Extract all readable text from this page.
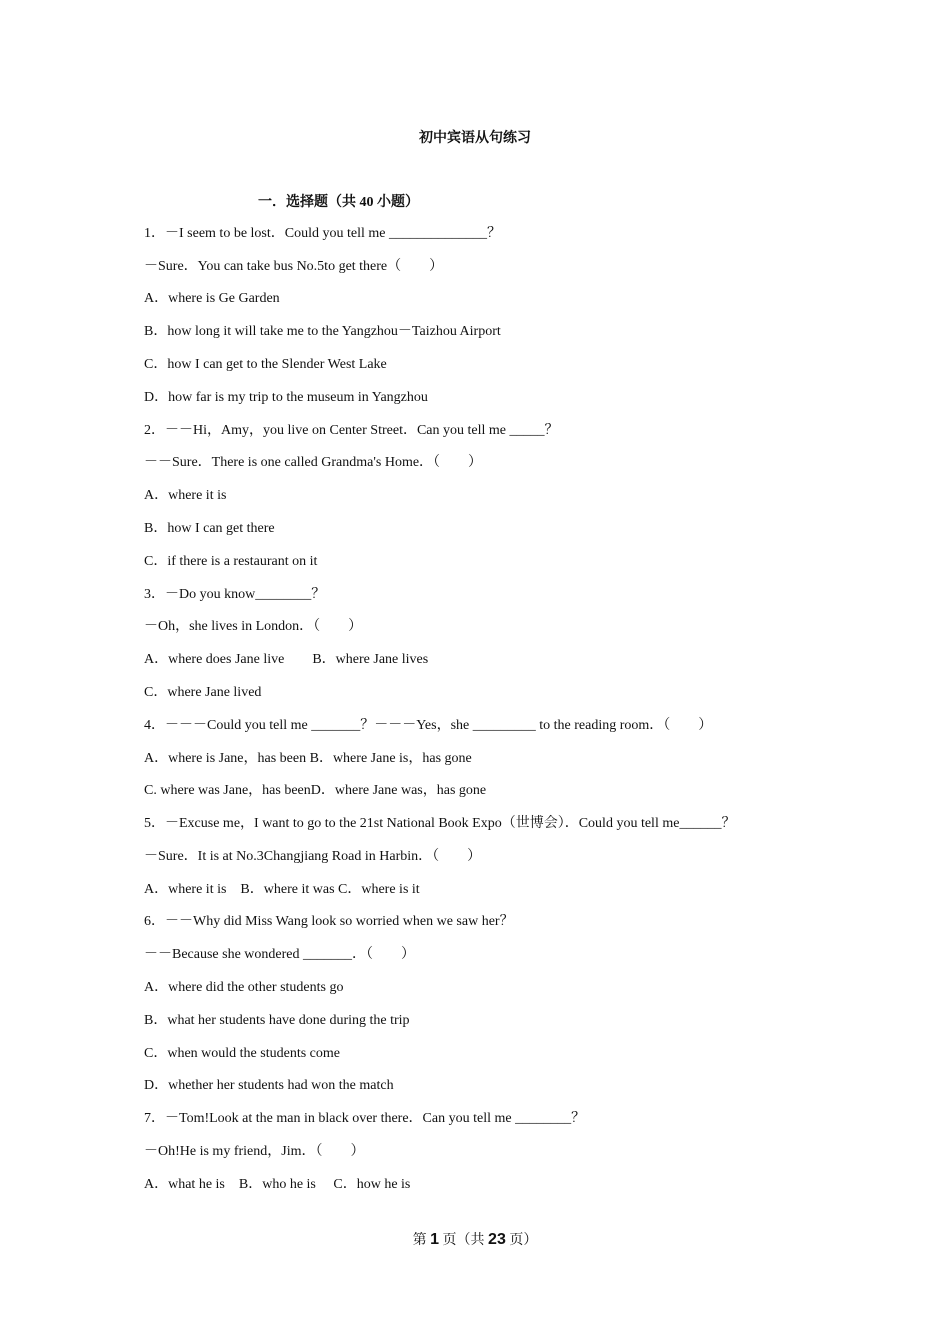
初中宾语从句练习
一．选择题（共 40 小题）
1．－I seem to be lost．Could you tell me ______________？
－Sure．You can take bus No.5to get there（　　）
A．where is Ge Garden
B．how long it will take me to the Yangzhou－Taizhou Airport
C．how I can get to the Slender West Lake
D．how far is my trip to the museum in Yangzhou
2．－－Hi，Amy，you live on Center Street．Can you tell me _____？
－－Sure．There is one called Grandma's Home．（　　）
A．where it is
B．how I can get there
C．if there is a restaurant on it
3．－Do you know________？
－Oh，she lives in London．（　　）
A．where does Jane live　　B．where Jane lives
C．where Jane lived
4．－－－Could you tell me _______？－－－Yes，she _________ to the reading room．（　　）
A．where is Jane，has been B．where Jane is，has gone
C. where was Jane，has beenD．where Jane was，has gone
5．－Excuse me，I want to go to the 21st National Book Expo（世博会）．Could you tell me______？
－Sure．It is at No.3Changjiang Road in Harbin．（　　）
A．where it is　B．where it was C．where is it
6．－－Why did Miss Wang look so worried when we saw her？
－－Because she wondered _______．（　　）
A．where did the other students go
B．what her students have done during the trip
C．when would the students come
D．whether her students had won the match
7．－Tom!Look at the man in black over there．Can you tell me ________？
－Oh!He is my friend，Jim．（　　）
A．what he is　B．who he is　 C．how he is
第 1 页（共 23 页）
